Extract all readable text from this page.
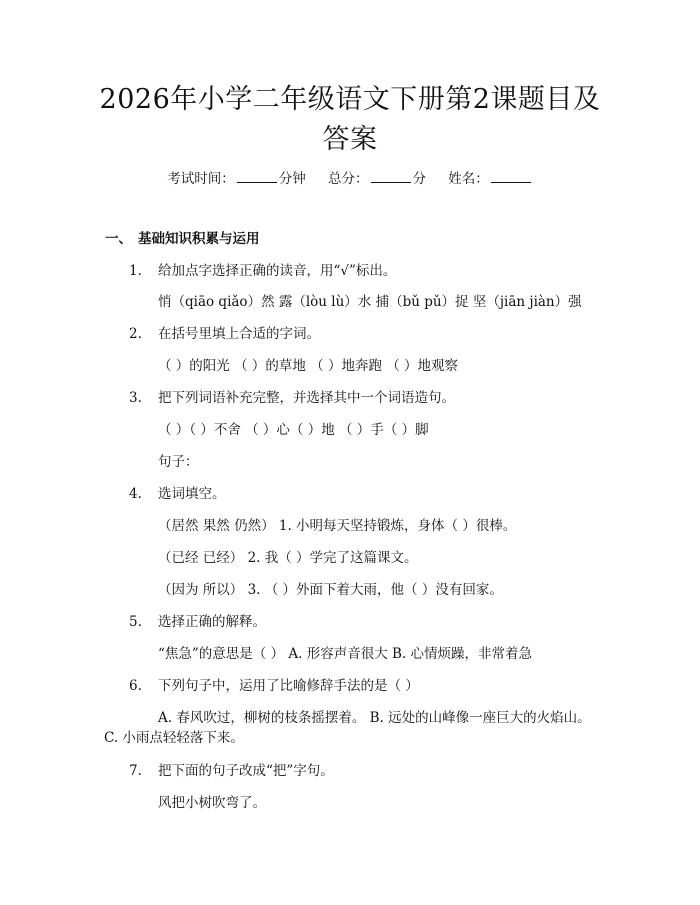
2026年小学二年级语文下册第2课题目及答案
考试时间：	分钟 总分：	分 姓名：
一、 基础知识积累与运用
1. 给加点字选择正确的读音，用“√”标出。
悄（qiāo qiǎo）然 露（lòu lù）水 捕（bǔ pǔ）捉 坚（jiān jiàn）强
2. 在括号里填上合适的字词。
（ ）的阳光 （ ）的草地 （ ）地奔跑 （ ）地观察
3. 把下列词语补充完整，并选择其中一个词语造句。
（ ）（ ）不舍 （ ）心（ ）地 （ ）手（ ）脚
句子：
4. 选词填空。
（居然 果然 仍然） 1. 小明每天坚持锻炼，身体（ ）很棒。
（已经 已经） 2. 我（ ）学完了这篇课文。
（因为 所以） 3. （ ）外面下着大雨，他（ ）没有回家。
5. 选择正确的解释。
“焦急”的意思是（ ） A. 形容声音很大 B. 心情烦躁，非常着急
6. 下列句子中，运用了比喻修辞手法的是（ ）
A. 春风吹过，柳树的枝条摇摆着。 B. 远处的山峰像一座巨大的火焰山。 C. 小雨点轻轻落下来。
7. 把下面的句子改成“把”字句。
风把小树吹弯了。
